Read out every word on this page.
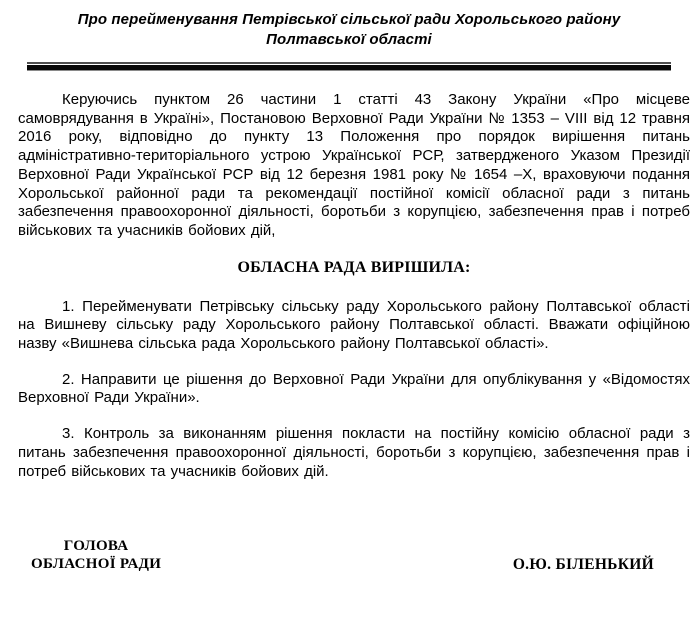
Про перейменування Петрівської сільської ради Хорольського району Полтавської області

Керуючись пунктом 26 частини 1 статті 43 Закону України «Про місцеве самоврядування в Україні», Постановою Верховної Ради України № 1353 – VIII від 12 травня 2016 року, відповідно до пункту 13 Положення про порядок вирішення питань адміністративно-територіального устрою Української РСР, затвердженого Указом Президії Верховної Ради Української РСР від 12 березня 1981 року № 1654 –Х, враховуючи подання Хорольської районної ради та рекомендації постійної комісії обласної ради з питань забезпечення правоохоронної діяльності, боротьби з корупцією, забезпечення прав і потреб військових та учасників бойових дій,

ОБЛАСНА РАДА ВИРІШИЛА:

1. Перейменувати Петрівську сільську раду Хорольського району Полтавської області на Вишневу сільську раду Хорольського району Полтавської області. Вважати офіційною назву «Вишнева сільська рада Хорольського району Полтавської області».

2. Направити це рішення до Верховної Ради України для опублікування у «Відомостях Верховної Ради України».

3. Контроль за виконанням рішення покласти на постійну комісію обласної ради з питань забезпечення правоохоронної діяльності, боротьби з корупцією, забезпечення прав і потреб військових та учасників бойових дій.

ГОЛОВА
ОБЛАСНОЇ РАДИ	О.Ю. БІЛЕНЬКИЙ
